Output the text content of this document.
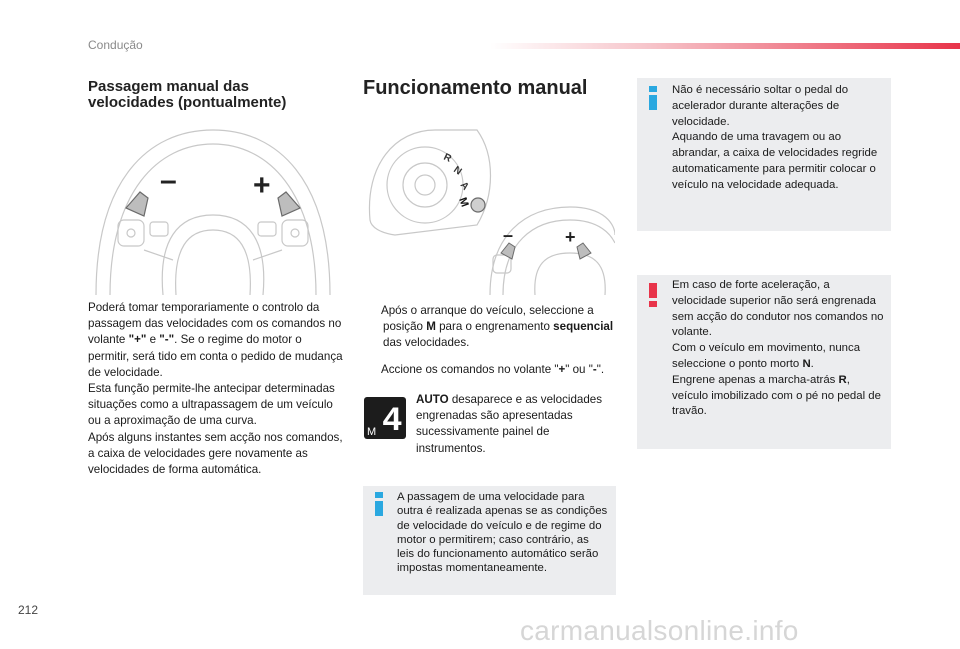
Condução
Passagem manual das
velocidades (pontualmente)
–	+
Poderá tomar temporariamente o controlo da passagem das velocidades com os comandos no volante "+" e "-". Se o regime do motor o permitir, será tido em conta o pedido de mudança de velocidade.
Esta função permite-lhe antecipar determinadas situações como a ultrapassagem de um veículo ou a aproximação de uma curva.
Após alguns instantes sem acção nos comandos, a caixa de velocidades gere novamente as velocidades de forma automática.
Funcionamento manual
R
N
A
M
–	+

Após o arranque do veículo, seleccione a posição M para o engrenamento sequencial das velocidades.

Accione os comandos no volante "+" ou "-".

4
M
AUTO desaparece e as velocidades engrenadas são apresentadas sucessivamente painel de instrumentos.
A passagem de uma velocidade para outra é realizada apenas se as condições de velocidade do veículo e de regime do motor o permitirem; caso contrário, as leis do funcionamento automático serão impostas momentaneamente.
Não é necessário soltar o pedal do acelerador durante alterações de velocidade.
Aquando de uma travagem ou ao abrandar, a caixa de velocidades regride automaticamente para permitir colocar o veículo na velocidade adequada.
Em caso de forte aceleração, a velocidade superior não será engrenada sem acção do condutor nos comandos no volante.
Com o veículo em movimento, nunca seleccione o ponto morto N.
Engrene apenas a marcha-atrás R, veículo imobilizado com o pé no pedal de travão.
212
carmanualsonline.info
